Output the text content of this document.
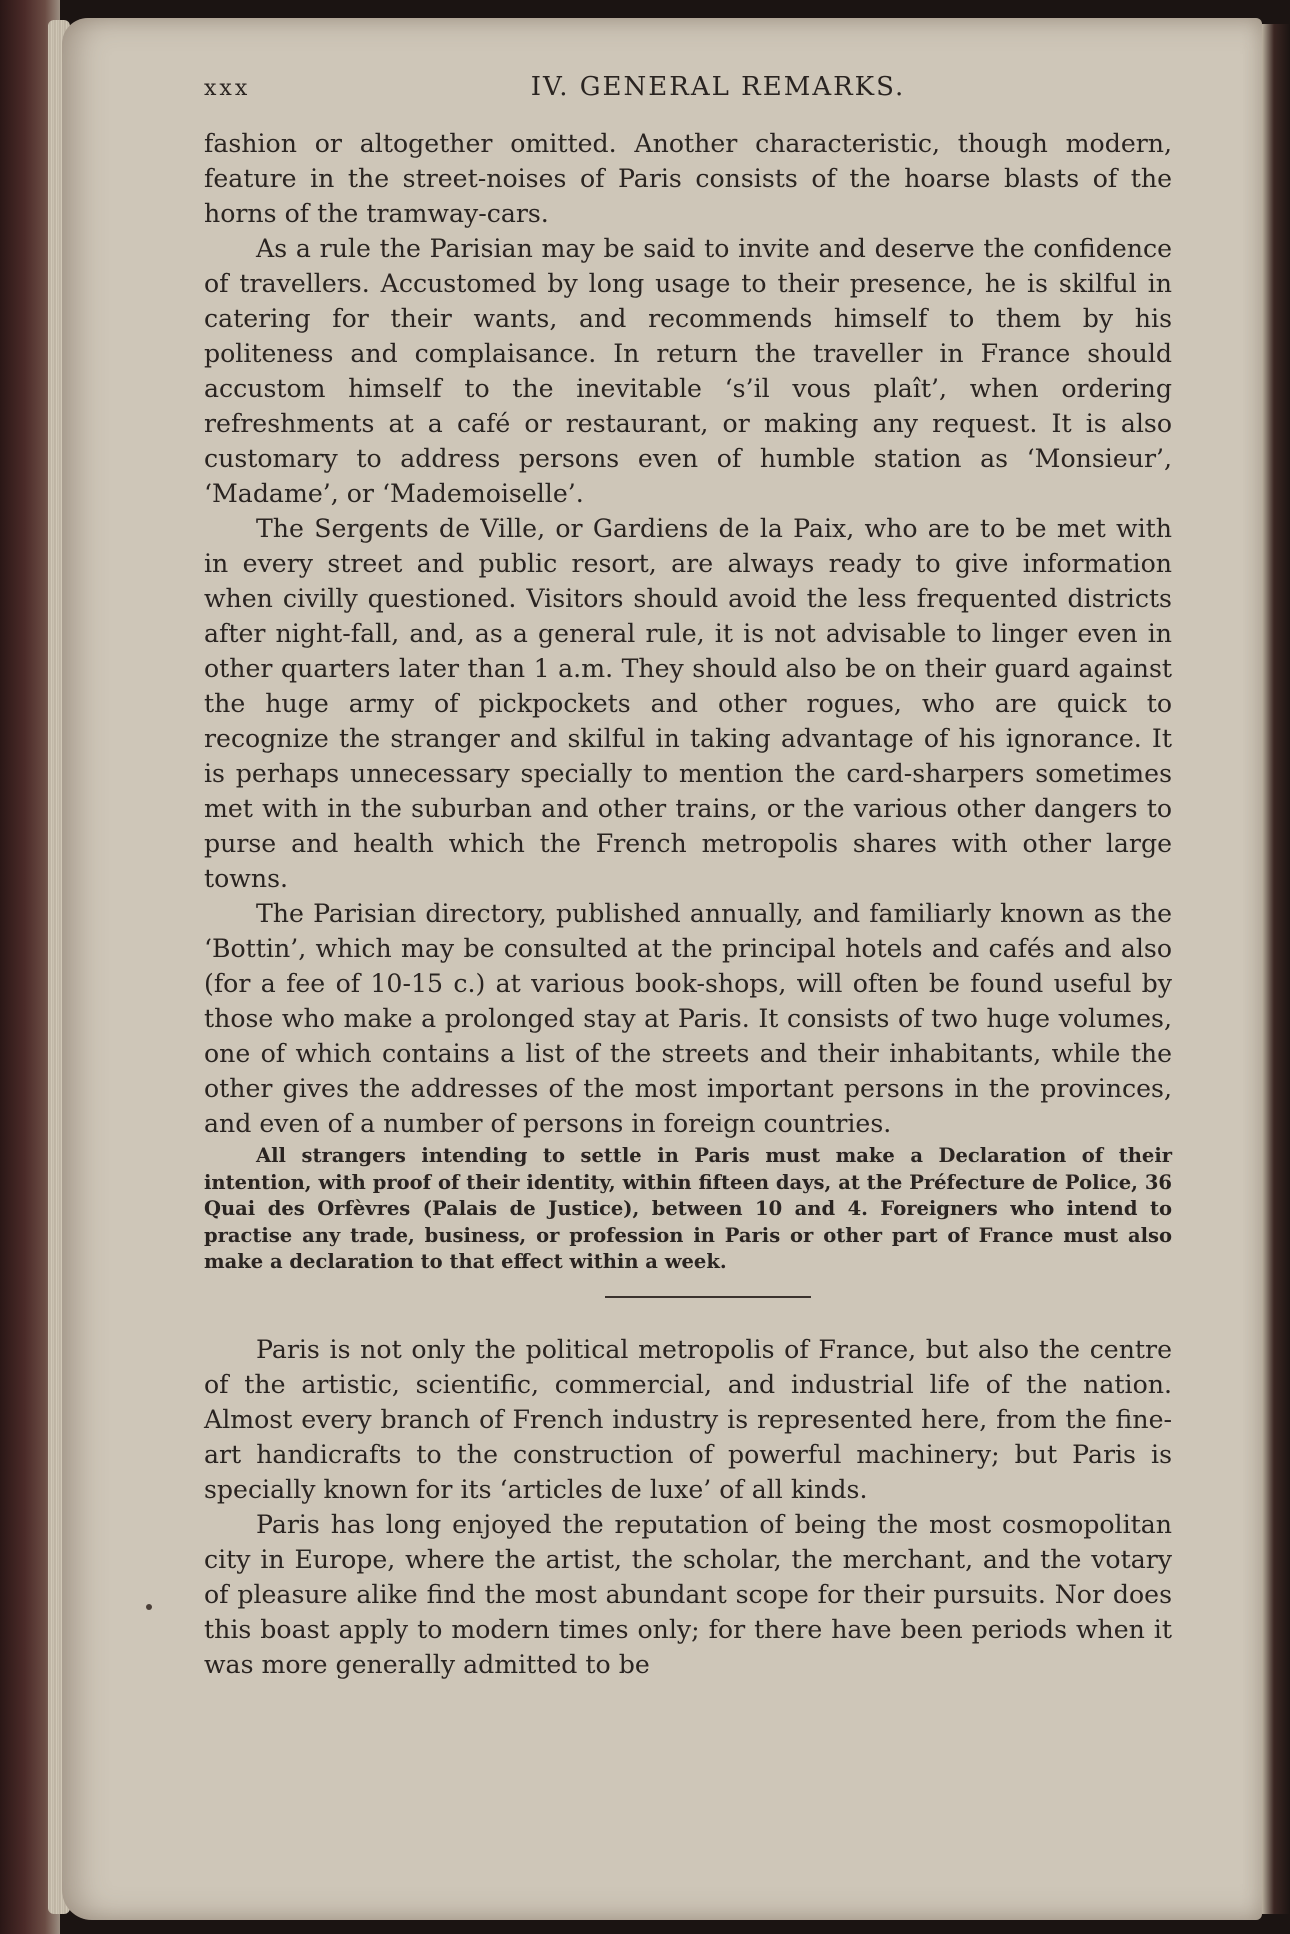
xxx	IV. GENERAL REMARKS.

fashion or altogether omitted. Another characteristic, though modern, feature in the street-noises of Paris consists of the hoarse blasts of the horns of the tramway-cars.

As a rule the Parisian may be said to invite and deserve the confidence of travellers. Accustomed by long usage to their presence, he is skilful in catering for their wants, and recommends himself to them by his politeness and complaisance. In return the traveller in France should accustom himself to the inevitable ‘s’il vous plaît’, when ordering refreshments at a café or restaurant, or making any request. It is also customary to address persons even of humble station as ‘Monsieur’, ‘Madame’, or ‘Mademoiselle’.

The Sergents de Ville, or Gardiens de la Paix, who are to be met with in every street and public resort, are always ready to give information when civilly questioned. Visitors should avoid the less frequented districts after night-fall, and, as a general rule, it is not advisable to linger even in other quarters later than 1 a.m. They should also be on their guard against the huge army of pickpockets and other rogues, who are quick to recognize the stranger and skilful in taking advantage of his ignorance. It is perhaps unnecessary specially to mention the card-sharpers sometimes met with in the suburban and other trains, or the various other dangers to purse and health which the French metropolis shares with other large towns.

The Parisian directory, published annually, and familiarly known as the ‘Bottin’, which may be consulted at the principal hotels and cafés and also (for a fee of 10-15 c.) at various book-shops, will often be found useful by those who make a prolonged stay at Paris. It consists of two huge volumes, one of which contains a list of the streets and their inhabitants, while the other gives the addresses of the most important persons in the provinces, and even of a number of persons in foreign countries.

All strangers intending to settle in Paris must make a Declaration of their intention, with proof of their identity, within fifteen days, at the Préfecture de Police, 36 Quai des Orfèvres (Palais de Justice), between 10 and 4. Foreigners who intend to practise any trade, business, or profession in Paris or other part of France must also make a declaration to that effect within a week.

Paris is not only the political metropolis of France, but also the centre of the artistic, scientific, commercial, and industrial life of the nation. Almost every branch of French industry is represented here, from the fine-art handicrafts to the construction of powerful machinery; but Paris is specially known for its ‘articles de luxe’ of all kinds.

Paris has long enjoyed the reputation of being the most cosmopolitan city in Europe, where the artist, the scholar, the merchant, and the votary of pleasure alike find the most abundant scope for their pursuits. Nor does this boast apply to modern times only; for there have been periods when it was more generally admitted to be
